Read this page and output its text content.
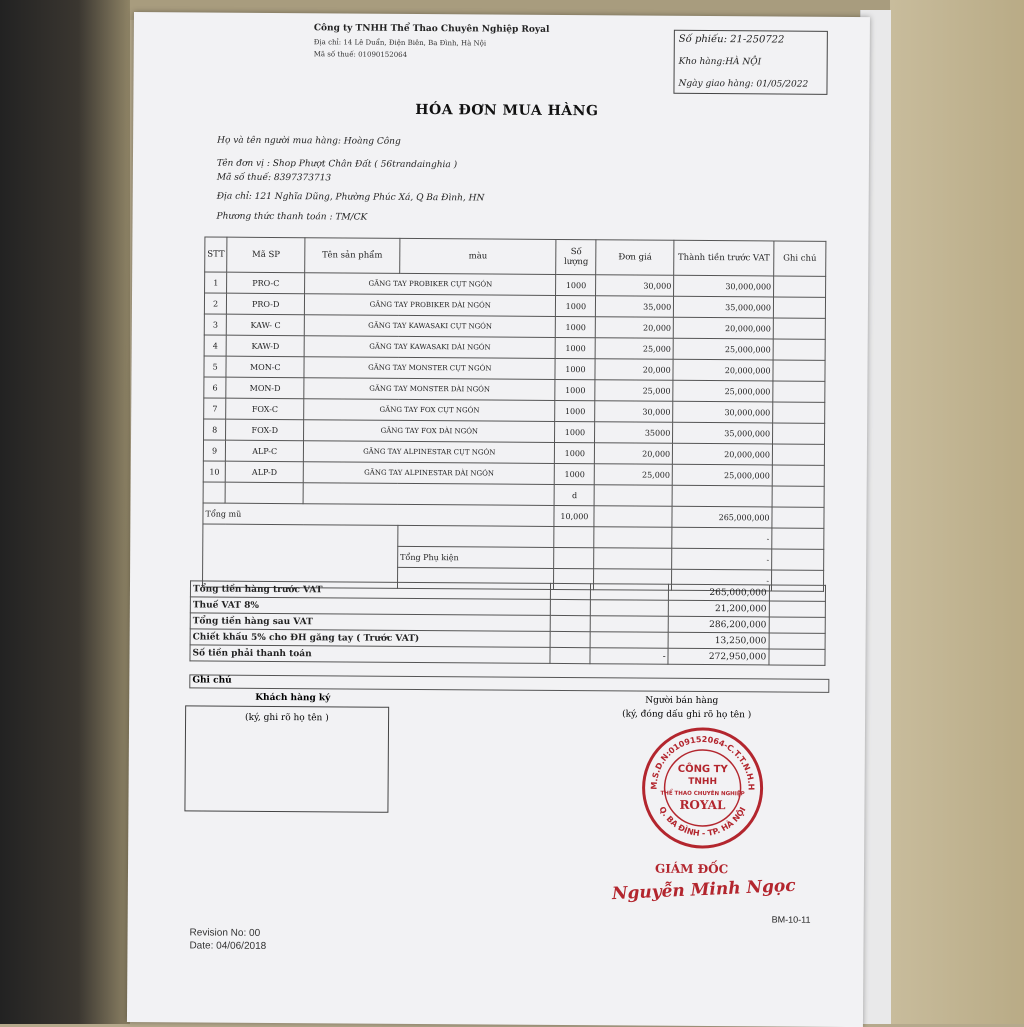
Công ty TNHH Thể Thao Chuyên Nghiệp Royal
Địa chỉ: 14 Lê Duẩn, Điện Biên, Ba Đình, Hà Nội
Mã số thuế: 01090152064
Số phiếu: 21-250722
Kho hàng:HÀ NỘI
Ngày giao hàng: 01/05/2022
HÓA ĐƠN MUA HÀNG
Họ và tên người mua hàng: Hoàng Công
Tên đơn vị : Shop Phượt Chân Đất ( 56trandainghia )
Mã số thuế: 8397373713
Địa chỉ: 121 Nghĩa Dũng, Phường Phúc Xá, Q Ba Đình, HN
Phương thức thanh toán : TM/CK
STT	Mã SP	Tên sản phẩm	màu	Số lượng	Đơn giá	Thành tiền trước VAT	Ghi chú
1	PRO-C	GĂNG TAY PROBIKER CỤT NGÓN		1000	30,000	30,000,000	
2	PRO-D	GĂNG TAY PROBIKER DÀI NGÓN		1000	35,000	35,000,000	
3	KAW- C	GĂNG TAY KAWASAKI CỤT NGÓN		1000	20,000	20,000,000	
4	KAW-D	GĂNG TAY KAWASAKI DÀI NGÓN		1000	25,000	25,000,000	
5	MON-C	GĂNG TAY MONSTER CỤT NGÓN		1000	20,000	20,000,000	
6	MON-D	GĂNG TAY MONSTER DÀI NGÓN		1000	25,000	25,000,000	
7	FOX-C	GĂNG TAY FOX CỤT NGÓN		1000	30,000	30,000,000	
8	FOX-D	GĂNG TAY FOX DÀI NGÓN		1000	35000	35,000,000	
9	ALP-C	GĂNG TAY ALPINESTAR CỤT NGÓN		1000	20,000	20,000,000	
10	ALP-D	GĂNG TAY ALPINESTAR DÀI NGÓN		1000	25,000	25,000,000	
				d			
Tổng mũ				10,000		265,000,000	
						-	
			Tổng Phụ kiện			-	
						-	
Tổng tiền hàng trước VAT			265,000,000	
Thuế VAT 8%			21,200,000	
Tổng tiền hàng sau VAT			286,200,000	
Chiết khấu 5% cho ĐH găng tay ( Trước VAT)			13,250,000	
Số tiền phải thanh toán		-	272,950,000	
Ghi chú
Khách hàng ký
(ký, ghi rõ họ tên )
Người bán hàng
(ký, đóng dấu ghi rõ họ tên )
M.S.D.N:0109152064-C.T.T.N.H.H
Q. BA ĐÌNH - TP. HÀ NỘI
CÔNG TY
TNHH
THỂ THAO CHUYÊN NGHIỆP
ROYAL
GIÁM ĐỐC
Nguyễn Minh Ngọc
BM-10-11
Revision No: 00
Date: 04/06/2018
